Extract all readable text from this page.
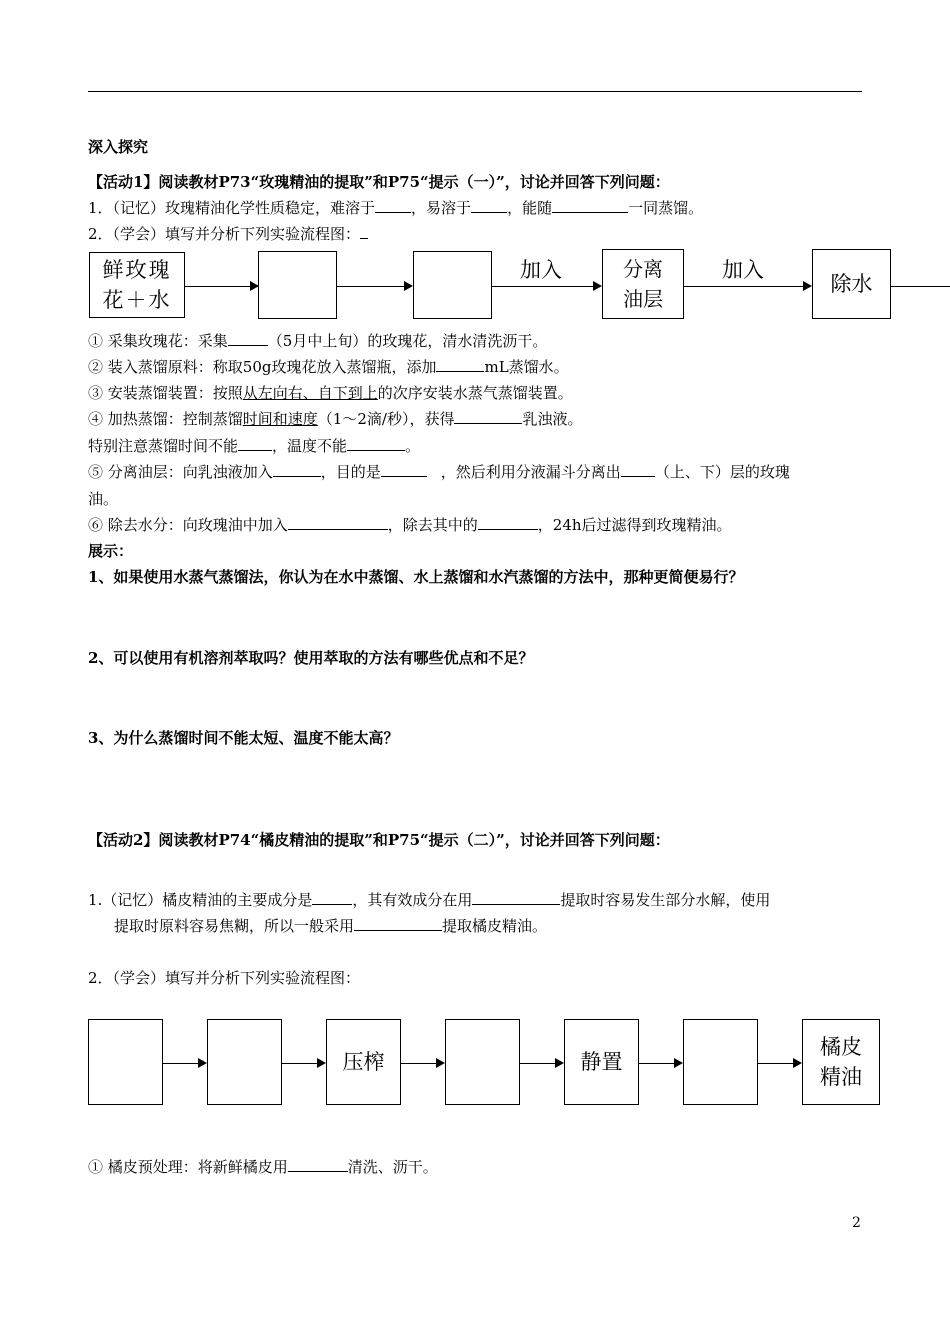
深入探究
【活动1】阅读教材P73“玫瑰精油的提取”和P75“提示（一）”，讨论并回答下列问题：
1．（记忆）玫瑰精油化学性质稳定，难溶于 ，易溶于 ，能随	一同蒸馏。
2．（学会）填写并分析下列实验流程图：
鲜玫瑰
花＋水
加入	分离
油层
加入
除水
① 采集玫瑰花：采集	（5月中上旬）的玫瑰花，清水清洗沥干。
② 装入蒸馏原料：称取50g玫瑰花放入蒸馏瓶，添加	mL蒸馏水。
③ 安装蒸馏装置：按照从左向右、自下到上的次序安装水蒸气蒸馏装置。
④ 加热蒸馏：控制蒸馏时间和速度（1～2滴/秒），获得	乳浊液。
特别注意蒸馏时间不能 ，温度不能	。
⑤ 分离油层：向乳浊液加入	，目的是	，然后利用分液漏斗分离出 （上、下）层的玫瑰
油。
⑥ 除去水分：向玫瑰油中加入	，除去其中的	，24h后过滤得到玫瑰精油。
展示：
1、如果使用水蒸气蒸馏法，你认为在水中蒸馏、水上蒸馏和水汽蒸馏的方法中，那种更简便易行？
2、可以使用有机溶剂萃取吗？使用萃取的方法有哪些优点和不足？
3、为什么蒸馏时间不能太短、温度不能太高？
【活动2】阅读教材P74“橘皮精油的提取”和P75“提示（二）”，讨论并回答下列问题：
1.（记忆）橘皮精油的主要成分是	，其有效成分在用	提取时容易发生部分水解，使用
提取时原料容易焦糊，所以一般采用	提取橘皮精油。
2．（学会）填写并分析下列实验流程图：
压榨	静置
橘皮
精油
① 橘皮预处理：将新鲜橘皮用	清洗、沥干。
2
